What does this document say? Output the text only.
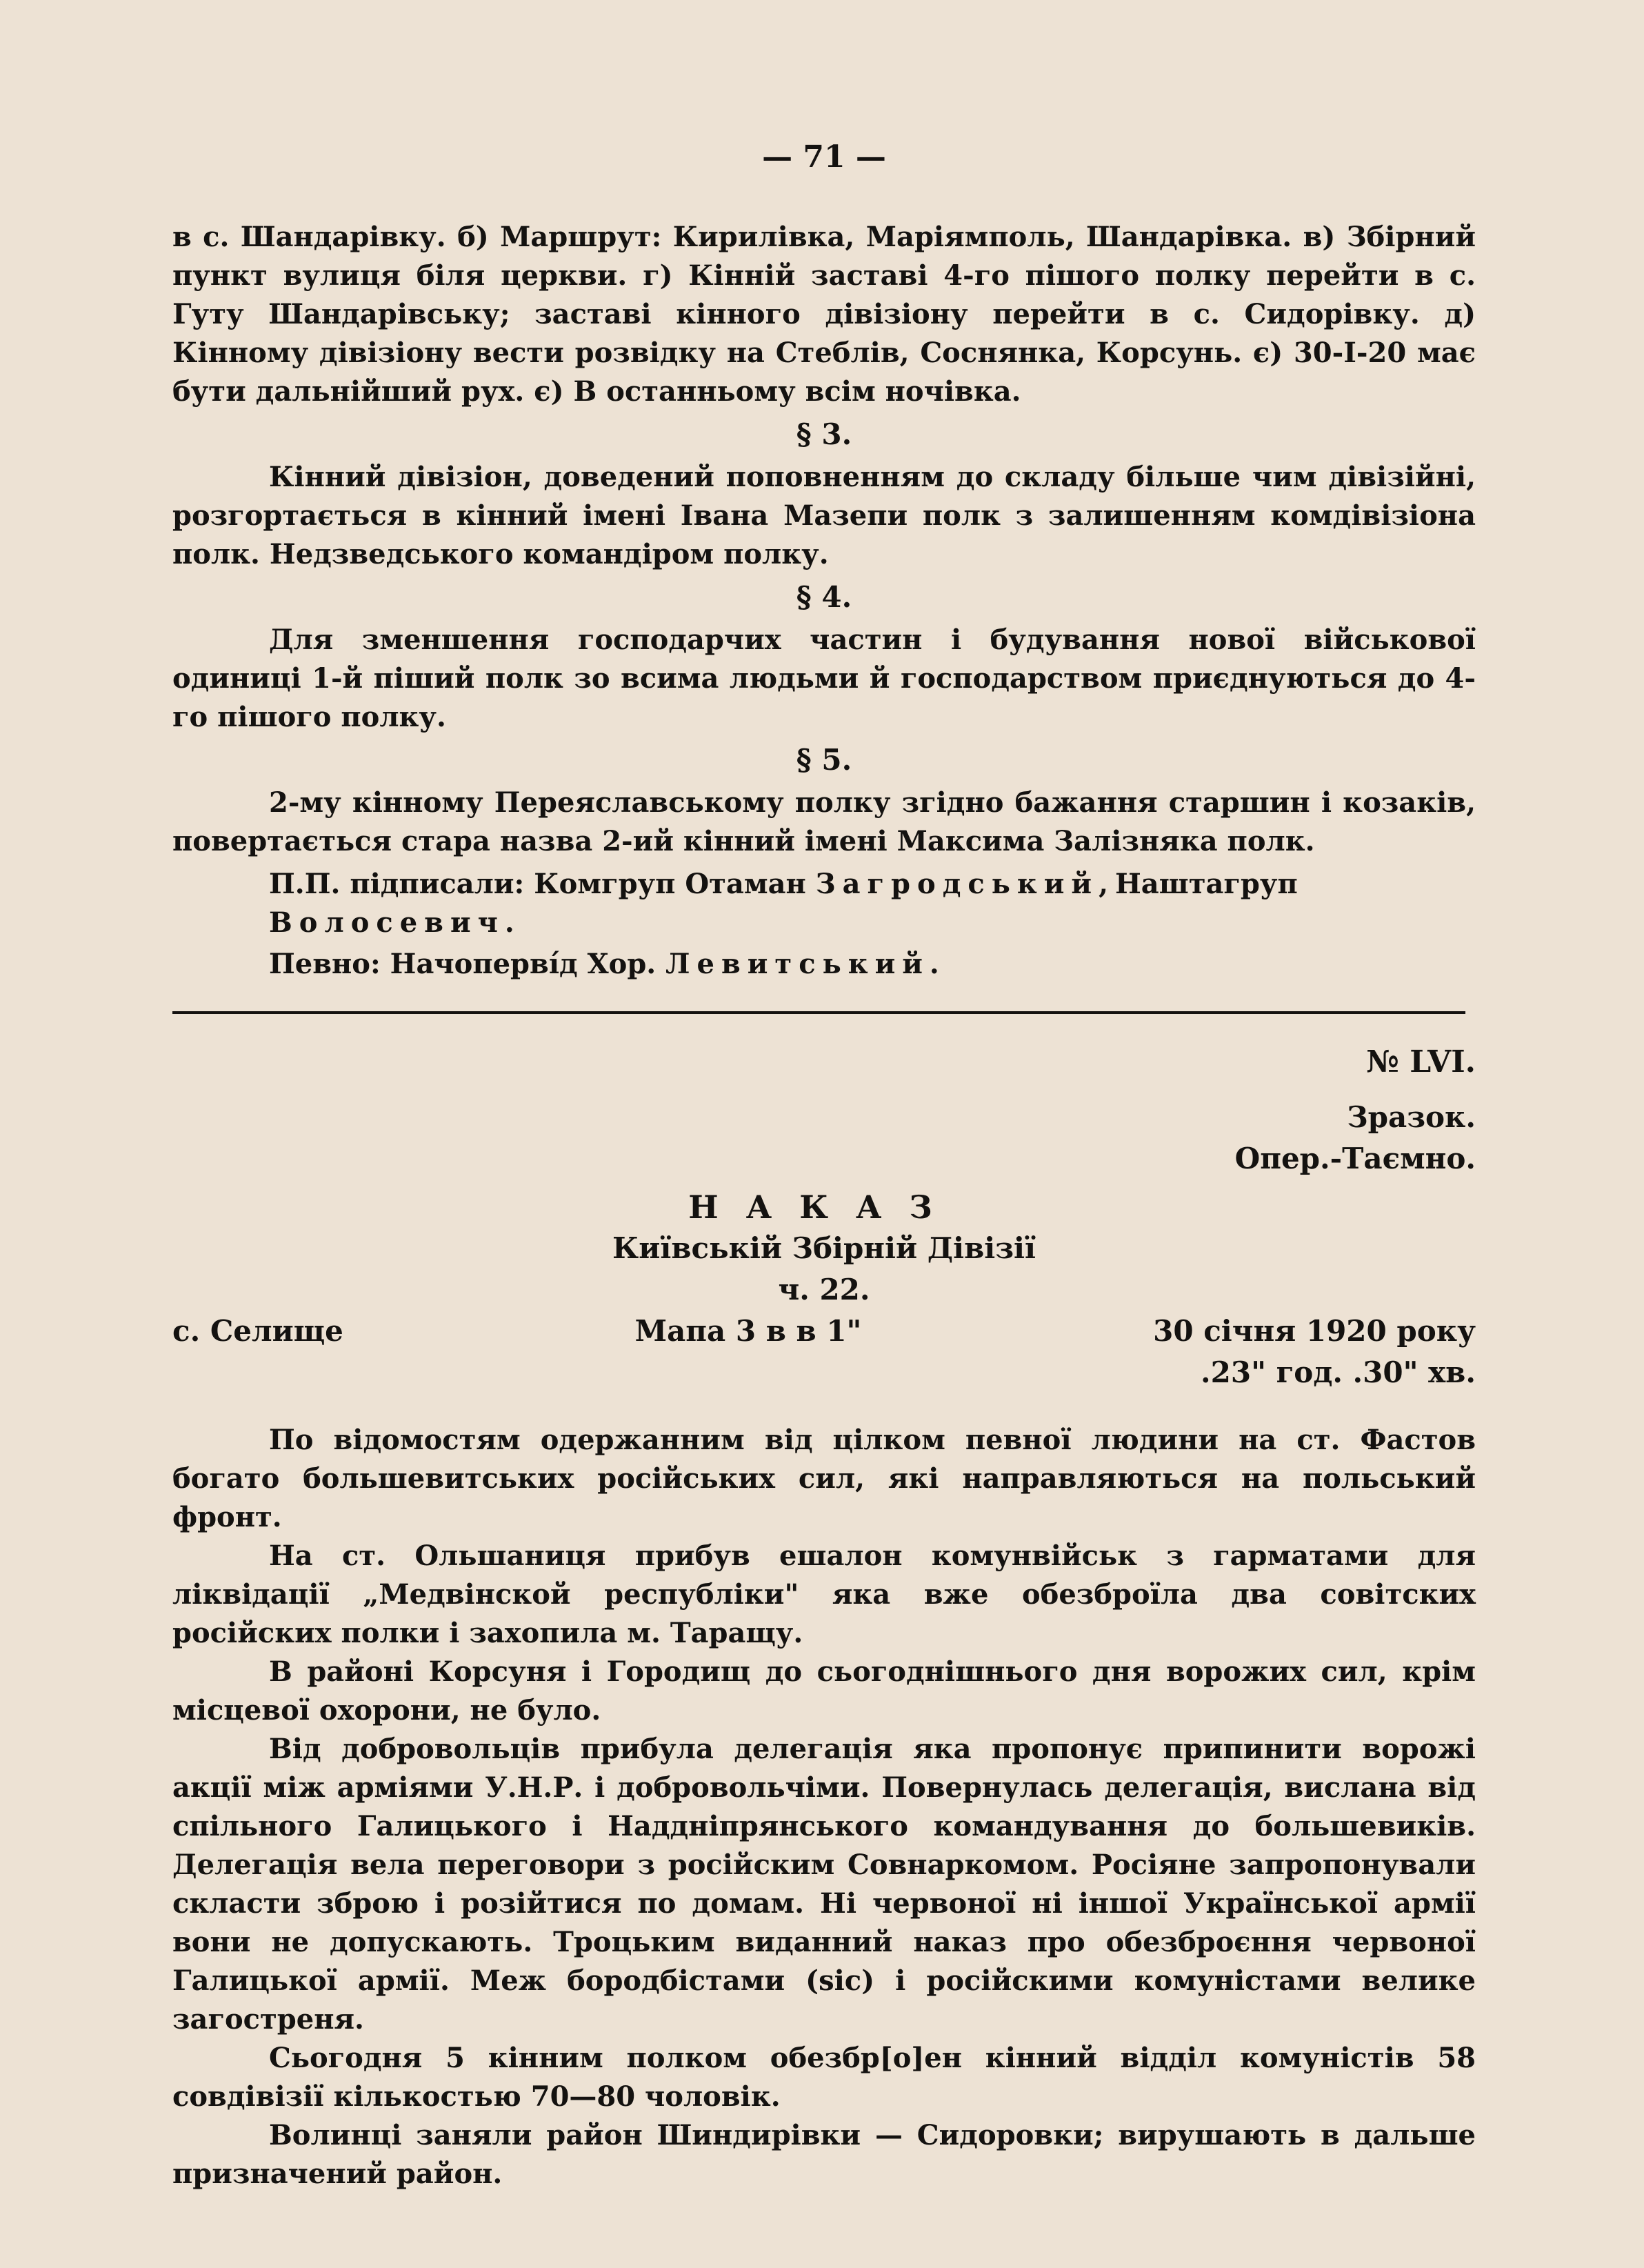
— 71 —

в с. Шандарівку. б) Маршрут: Кирилівка, Маріямполь, Шандарівка. в) Збірний пункт вулиця біля церкви. г) Кінній заставі 4-го пішого полку перейти в с. Гуту Шандарівську; заставі кінного дівізіону перейти в с. Сидорівку. д) Кінному дівізіону вести розвідку на Стеблів, Соснянка, Корсунь. є) 30-І-20 має бути дальнійший рух. є) В останньому всім ночівка.

§ 3.

Кінний дівізіон, доведений поповненням до складу більше чим дівізійні, розгортається в кінний імені Івана Мазепи полк з залишенням комдівізіона полк. Недзведського командіром полку.

§ 4.

Для зменшення господарчих частин і будування нової військової одиниці 1-й піший полк зо всима людьми й господарством приєднуються до 4-го пішого полку.

§ 5.

2-му кінному Переяславському полку згідно бажання старшин і козаків, повертається стара назва 2-ий кінний імені Максима Залізняка полк.

П.П. підписали: Комгруп Отаман Загродський,Наштагруп Волосевич.
Певно: Начоперві́д Хор. Левитський.
№ LVI.
Зразок.
Опер.-Таємно.
НАКАЗ
Київській Збірній Дівізії
ч. 22.
с. Селище	Мапа 3 в в 1"	30 січня 1920 року
.23" год. .30" хв.

По відомостям одержанним від цілком певної людини на ст. Фастов богато большевитських російських сил, які направляються на польський фронт.

На ст. Ольшаниця прибув ешалон комунвійськ з гарматами для ліквідації „Медвінской республіки" яка вже обезброїла два совітских російских полки і захопила м. Таращу.

В районі Корсуня і Городищ до сьогоднішнього дня ворожих сил, крім місцевої охорони, не було.

Від добровольців прибула делегація яка пропонує припинити ворожі акції між арміями У.Н.Р. і добровольчіми. Повернулась делегація, вислана від спільного Галицького і Наддніпрянського командування до большевиків. Делегація вела переговори з російским Совнаркомом. Росіяне запропонували скласти зброю і розійтися по домам. Ні червоної ні іншої Української армії вони не допускають. Троцьким виданний наказ про обезброєння червоної Галицької армії. Меж бородбістами (sic) і російскими комуністами велике загостреня.

Сьогодня 5 кінним полком обезбр[о]ен кінний відділ комуністів 58 совдівізії кількостью 70—80 чоловік.

Волинці заняли район Шиндирівки — Сидоровки; вирушають в дальше призначений район.
